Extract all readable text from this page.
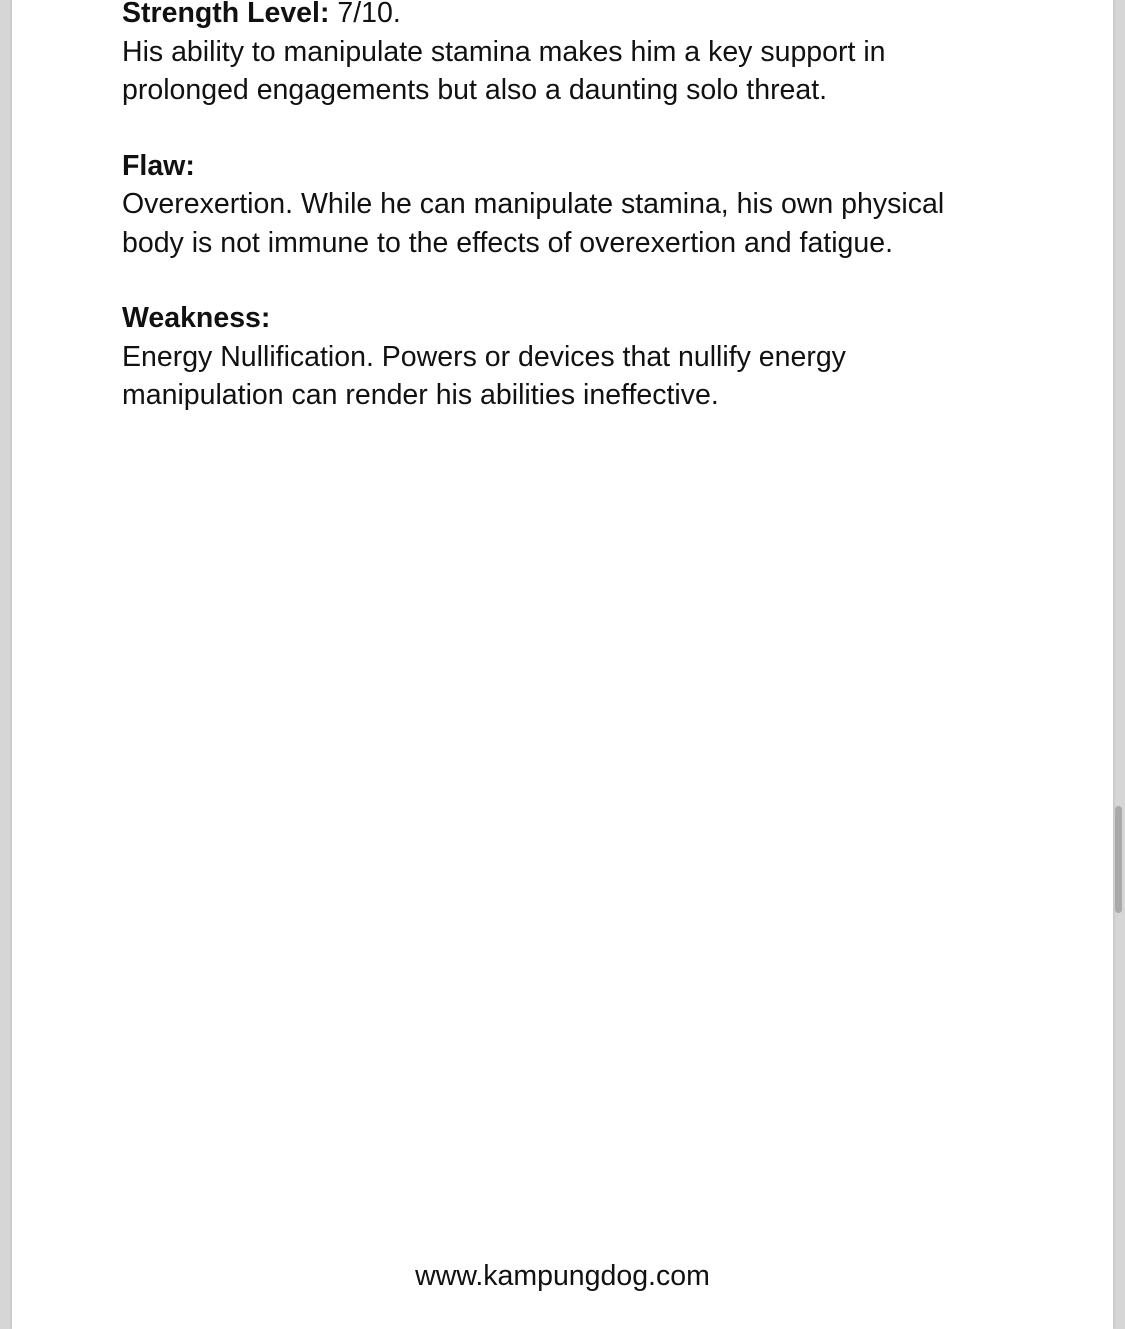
Strength Level: 7/10.

His ability to manipulate stamina makes him a key support in prolonged engagements but also a daunting solo threat.

Flaw:

Overexertion. While he can manipulate stamina, his own physical body is not immune to the effects of overexertion and fatigue.

Weakness:

Energy Nullification. Powers or devices that nullify energy manipulation can render his abilities ineffective.

www.kampungdog.com
